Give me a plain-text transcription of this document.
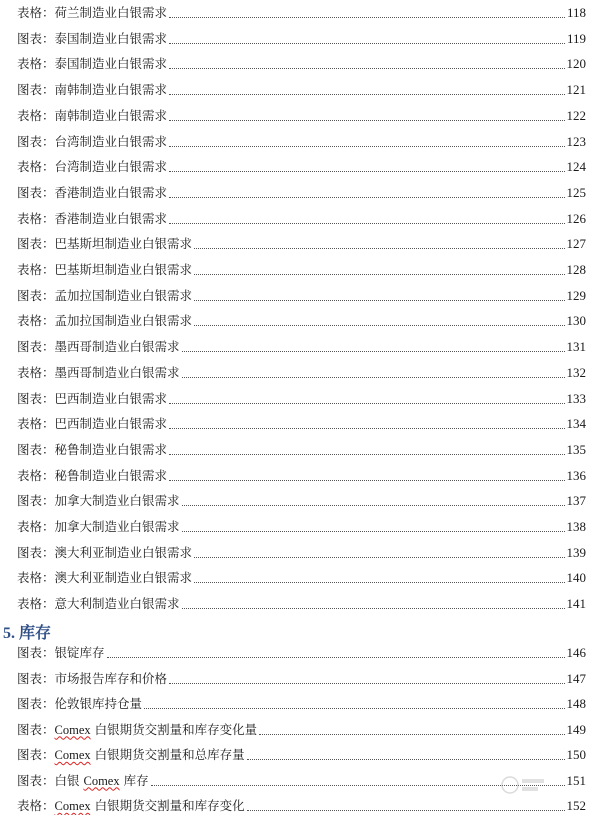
表格：荷兰制造业白银需求	118
图表：泰国制造业白银需求	119
表格：泰国制造业白银需求	120
图表：南韩制造业白银需求	121
表格：南韩制造业白银需求	122
图表：台湾制造业白银需求	123
表格：台湾制造业白银需求	124
图表：香港制造业白银需求	125
表格：香港制造业白银需求	126
图表：巴基斯坦制造业白银需求	127
表格：巴基斯坦制造业白银需求	128
图表：孟加拉国制造业白银需求	129
表格：孟加拉国制造业白银需求	130
图表：墨西哥制造业白银需求	131
表格：墨西哥制造业白银需求	132
图表：巴西制造业白银需求	133
表格：巴西制造业白银需求	134
图表：秘鲁制造业白银需求	135
表格：秘鲁制造业白银需求	136
图表：加拿大制造业白银需求	137
表格：加拿大制造业白银需求	138
图表：澳大利亚制造业白银需求	139
表格：澳大利亚制造业白银需求	140
表格：意大利制造业白银需求	141
5. 库存
图表：银锭库存	146
图表：市场报告库存和价格	147
图表：伦敦银库持仓量	148
图表：Comex 白银期货交割量和库存变化量	149
图表：Comex 白银期货交割量和总库存量	150
图表：白银 Comex 库存	151
表格：Comex 白银期货交割量和库存变化	152
